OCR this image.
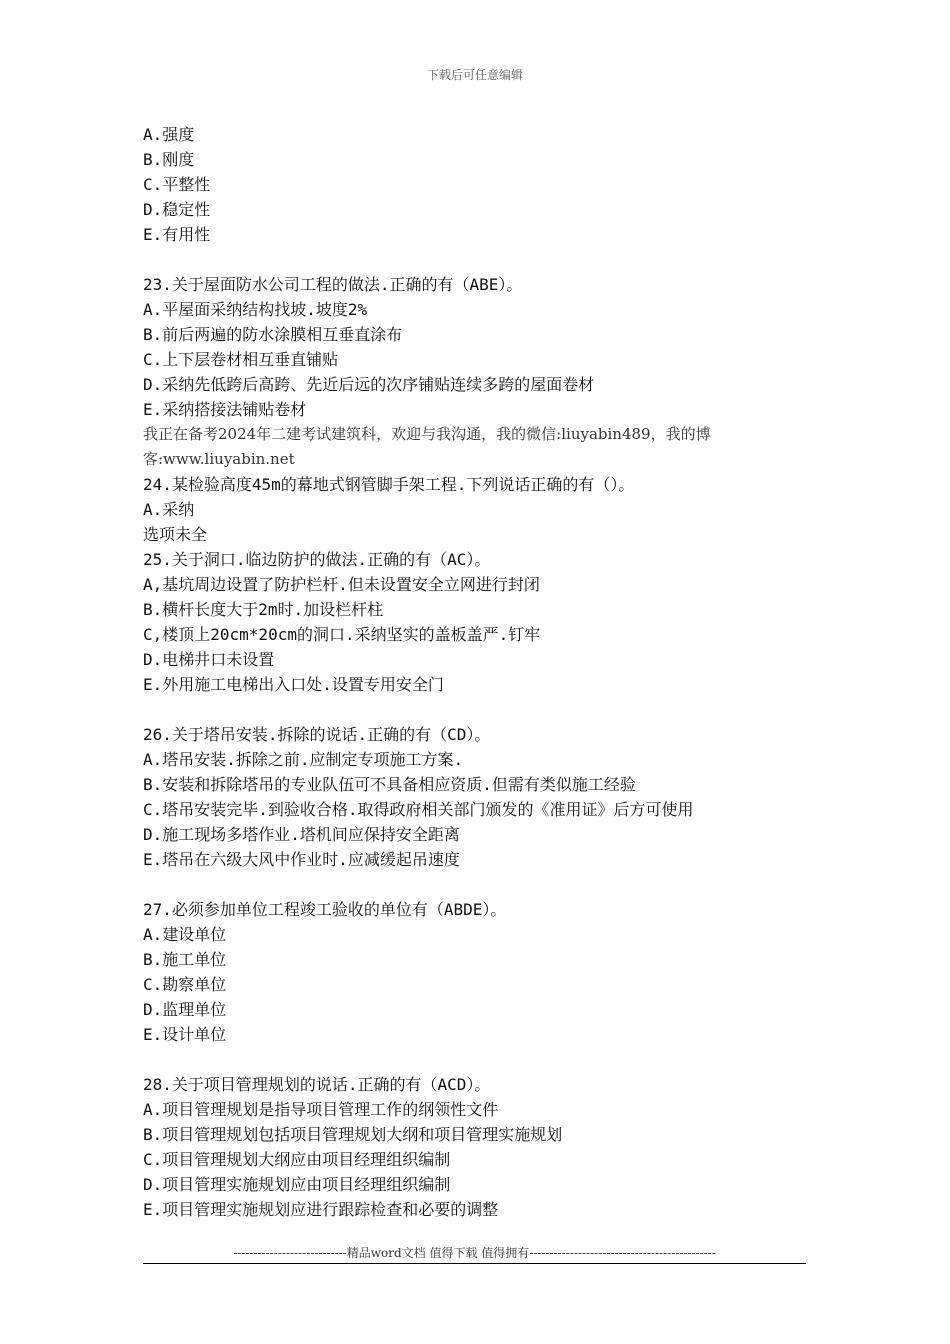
下载后可任意编辑
A.强度
B.刚度
C.平整性
D.稳定性
E.有用性
23.关于屋面防水公司工程的做法.正确的有（ABE）。
A.平屋面采纳结构找坡.坡度2%
B.前后两遍的防水涂膜相互垂直涂布
C.上下层卷材相互垂直铺贴
D.采纳先低跨后高跨、先近后远的次序铺贴连续多跨的屋面卷材
E.采纳搭接法铺贴卷材
我正在备考2024年二建考试建筑科，欢迎与我沟通，我的微信:liuyabin489，我的博
客:www.liuyabin.net
24.某检验高度45m的幕地式钢管脚手架工程.下列说话正确的有（）。
A.采纳
选项未全
25.关于洞口.临边防护的做法.正确的有（AC）。
A,基坑周边设置了防护栏杆.但未设置安全立网进行封闭
B.横杆长度大于2m时.加设栏杆柱
C,楼顶上20cm*20cm的洞口.采纳坚实的盖板盖严.钉牢
D.电梯井口未设置
E.外用施工电梯出入口处.设置专用安全门
26.关于塔吊安装.拆除的说话.正确的有（CD）。
A.塔吊安装.拆除之前.应制定专项施工方案.
B.安装和拆除塔吊的专业队伍可不具备相应资质.但需有类似施工经验
C.塔吊安装完毕.到验收合格.取得政府相关部门颁发的《准用证》后方可使用
D.施工现场多塔作业.塔机间应保持安全距离
E.塔吊在六级大风中作业时.应减缓起吊速度
27.必须参加单位工程竣工验收的单位有（ABDE）。
A.建设单位
B.施工单位
C.勘察单位
D.监理单位
E.设计单位
28.关于项目管理规划的说话.正确的有（ACD）。
A.项目管理规划是指导项目管理工作的纲领性文件
B.项目管理规划包括项目管理规划大纲和项目管理实施规划
C.项目管理规划大纲应由项目经理组织编制
D.项目管理实施规划应由项目经理组织编制
E.项目管理实施规划应进行跟踪检查和必要的调整
----------------------------精品word文档 值得下载 值得拥有----------------------------------------------
